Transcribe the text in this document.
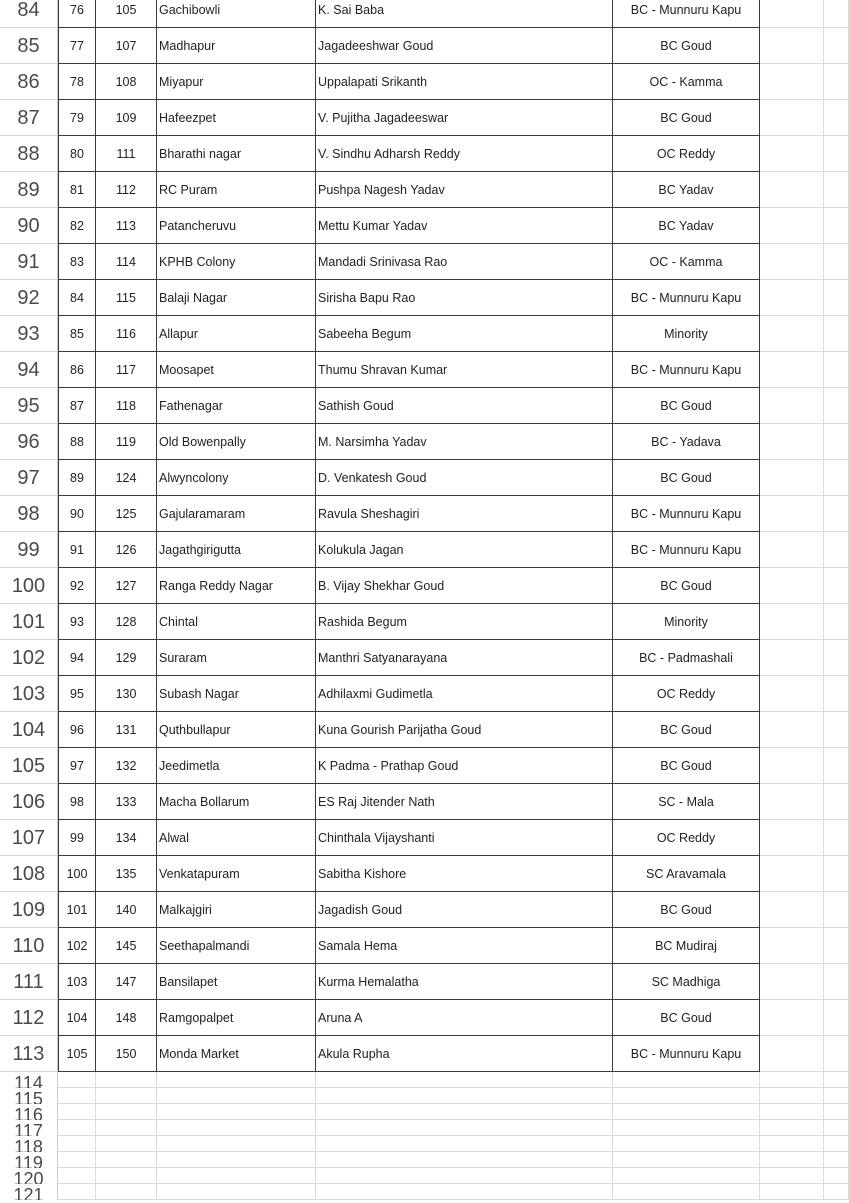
84	76	105	Gachibowli	K. Sai Baba	BC - Munnuru Kapu
85	77	107	Madhapur	Jagadeeshwar Goud	BC Goud
86	78	108	Miyapur	Uppalapati Srikanth	OC - Kamma
87	79	109	Hafeezpet	V. Pujitha Jagadeeswar	BC Goud
88	80	111	Bharathi nagar	V. Sindhu Adharsh Reddy	OC Reddy
89	81	112	RC Puram	Pushpa Nagesh Yadav	BC Yadav
90	82	113	Patancheruvu	Mettu Kumar Yadav	BC Yadav
91	83	114	KPHB Colony	Mandadi Srinivasa Rao	OC - Kamma
92	84	115	Balaji Nagar	Sirisha Bapu Rao	BC - Munnuru Kapu
93	85	116	Allapur	Sabeeha Begum	Minority
94	86	117	Moosapet	Thumu Shravan Kumar	BC - Munnuru Kapu
95	87	118	Fathenagar	Sathish Goud	BC Goud
96	88	119	Old Bowenpally	M. Narsimha Yadav	BC - Yadava
97	89	124	Alwyncolony	D. Venkatesh Goud	BC Goud
98	90	125	Gajularamaram	Ravula Sheshagiri	BC - Munnuru Kapu
99	91	126	Jagathgirigutta	Kolukula Jagan	BC - Munnuru Kapu
100	92	127	Ranga Reddy Nagar	B. Vijay Shekhar Goud	BC Goud
101	93	128	Chintal	Rashida Begum	Minority
102	94	129	Suraram	Manthri Satyanarayana	BC - Padmashali
103	95	130	Subash Nagar	Adhilaxmi Gudimetla	OC Reddy
104	96	131	Quthbullapur	Kuna Gourish Parijatha Goud	BC Goud
105	97	132	Jeedimetla	K Padma - Prathap Goud	BC Goud
106	98	133	Macha Bollarum	ES Raj Jitender Nath	SC - Mala
107	99	134	Alwal	Chinthala Vijayshanti	OC Reddy
108	100	135	Venkatapuram	Sabitha Kishore	SC Aravamala
109	101	140	Malkajgiri	Jagadish Goud	BC Goud
110	102	145	Seethapalmandi	Samala Hema	BC Mudiraj
111	103	147	Bansilapet	Kurma Hemalatha	SC Madhiga
112	104	148	Ramgopalpet	Aruna A	BC Goud
113	105	150	Monda Market	Akula Rupha	BC - Munnuru Kapu
114
115
116
117
118
119
120
121
